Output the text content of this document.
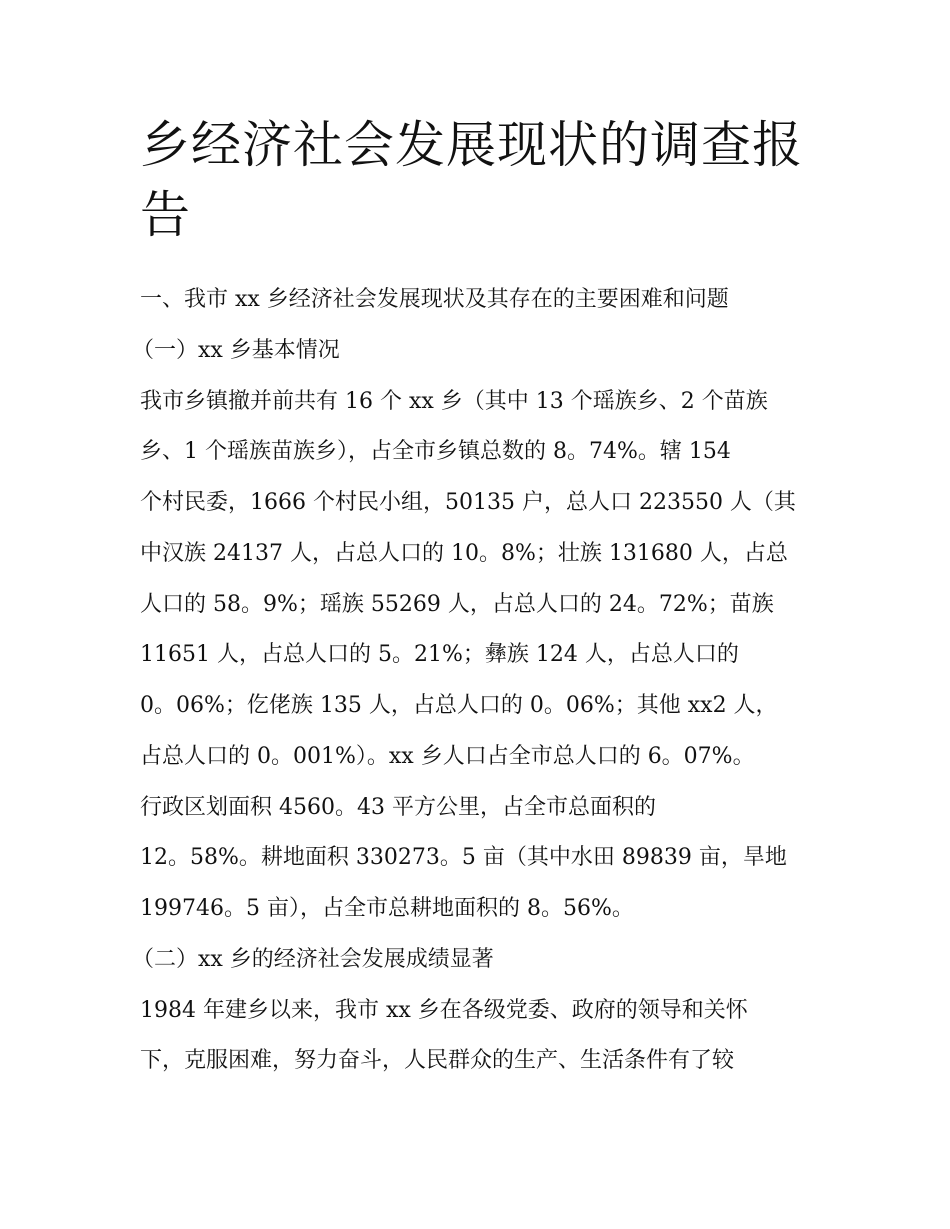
乡经济社会发展现状的调查报
告

一、我市 xx 乡经济社会发展现状及其存在的主要困难和问题

（一）xx 乡基本情况

我市乡镇撤并前共有 16 个 xx 乡（其中 13 个瑶族乡、2 个苗族

乡、1 个瑶族苗族乡），占全市乡镇总数的 8。74%。辖 154

个村民委，1666 个村民小组，50135 户，总人口 223550 人（其

中汉族 24137 人，占总人口的 10。8%；壮族 131680 人，占总

人口的 58。9%；瑶族 55269 人，占总人口的 24。72%；苗族

11651 人，占总人口的 5。21%；彝族 124 人，占总人口的

0。06%；仡佬族 135 人，占总人口的 0。06%；其他 xx2 人，

占总人口的 0。001%）。xx 乡人口占全市总人口的 6。07%。

行政区划面积 4560。43 平方公里，占全市总面积的

12。58%。耕地面积 330273。5 亩（其中水田 89839 亩，旱地

199746。5 亩），占全市总耕地面积的 8。56%。

（二）xx 乡的经济社会发展成绩显著

1984 年建乡以来，我市 xx 乡在各级党委、政府的领导和关怀

下，克服困难，努力奋斗，人民群众的生产、生活条件有了较
